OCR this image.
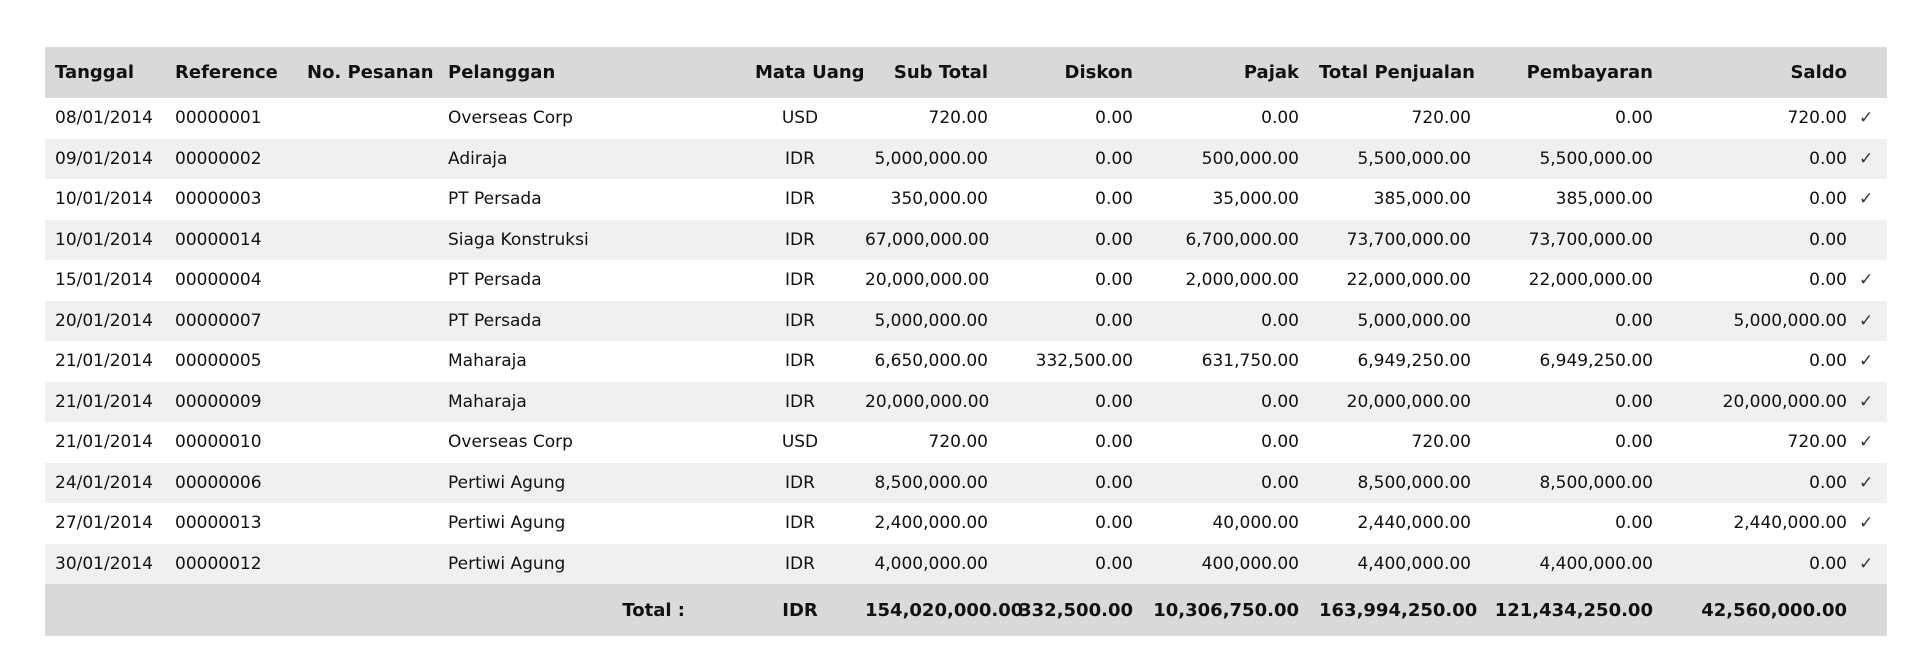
Tanggal	Reference	No. Pesanan	Pelanggan	Mata Uang	Sub Total	Diskon	Pajak	Total Penjualan	Pembayaran	Saldo	
08/01/2014	00000001		Overseas Corp	USD	720.00	0.00	0.00	720.00	0.00	720.00	✓
09/01/2014	00000002		Adiraja	IDR	5,000,000.00	0.00	500,000.00	5,500,000.00	5,500,000.00	0.00	✓
10/01/2014	00000003		PT Persada	IDR	350,000.00	0.00	35,000.00	385,000.00	385,000.00	0.00	✓
10/01/2014	00000014		Siaga Konstruksi	IDR	67,000,000.00	0.00	6,700,000.00	73,700,000.00	73,700,000.00	0.00	
15/01/2014	00000004		PT Persada	IDR	20,000,000.00	0.00	2,000,000.00	22,000,000.00	22,000,000.00	0.00	✓
20/01/2014	00000007		PT Persada	IDR	5,000,000.00	0.00	0.00	5,000,000.00	0.00	5,000,000.00	✓
21/01/2014	00000005		Maharaja	IDR	6,650,000.00	332,500.00	631,750.00	6,949,250.00	6,949,250.00	0.00	✓
21/01/2014	00000009		Maharaja	IDR	20,000,000.00	0.00	0.00	20,000,000.00	0.00	20,000,000.00	✓
21/01/2014	00000010		Overseas Corp	USD	720.00	0.00	0.00	720.00	0.00	720.00	✓
24/01/2014	00000006		Pertiwi Agung	IDR	8,500,000.00	0.00	0.00	8,500,000.00	8,500,000.00	0.00	✓
27/01/2014	00000013		Pertiwi Agung	IDR	2,400,000.00	0.00	40,000.00	2,440,000.00	0.00	2,440,000.00	✓
30/01/2014	00000012		Pertiwi Agung	IDR	4,000,000.00	0.00	400,000.00	4,400,000.00	4,400,000.00	0.00	✓
Total :				IDR	154,020,000.00	332,500.00	10,306,750.00	163,994,250.00	121,434,250.00	42,560,000.00	
